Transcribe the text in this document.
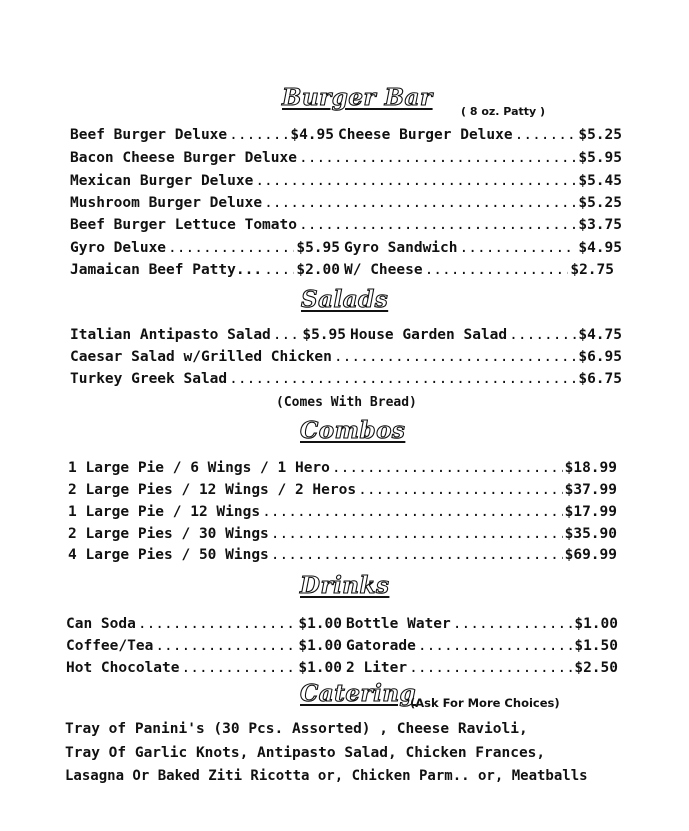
Burger Bar
( 8 oz. Patty )
Beef Burger Deluxe .....	$4.95 Cheese Burger Deluxe .....	$5.25
Bacon Cheese Burger Deluxe .....	$5.95
Mexican Burger Deluxe .....	$5.45
Mushroom Burger Deluxe .....	$5.25
Beef Burger Lettuce Tomato .....	$3.75
Gyro Deluxe .....	$5.95 Gyro Sandwich .....	$4.95
Jamaican Beef Patty... ..... $2.00 W/ Cheese .....	$2.75
Salads
Italian Antipasto Salad ..... $5.95 House Garden Salad .....	$4.75
Caesar Salad w/Grilled Chicken .....	$6.95
Turkey Greek Salad .....	$6.75
(Comes With Bread)
Combos
1 Large Pie / 6 Wings / 1 Hero .....	$18.99
2 Large Pies / 12 Wings / 2 Heros .....	$37.99
1 Large Pie / 12 Wings .....	$17.99
2 Large Pies / 30 Wings .....	$35.90
4 Large Pies / 50 Wings .....	$69.99
Drinks
Can Soda .....	$1.00 Bottle Water .....	$1.00
Coffee/Tea .....	$1.00 Gatorade .....	$1.50
Hot Chocolate .....	$1.00 2 Liter .....	$2.50
Catering
(Ask For More Choices)
Tray of Panini's (30 Pcs. Assorted) , Cheese Ravioli,
Tray Of Garlic Knots, Antipasto Salad, Chicken Frances,
Lasagna Or Baked Ziti Ricotta or, Chicken Parm.. or, Meatballs
